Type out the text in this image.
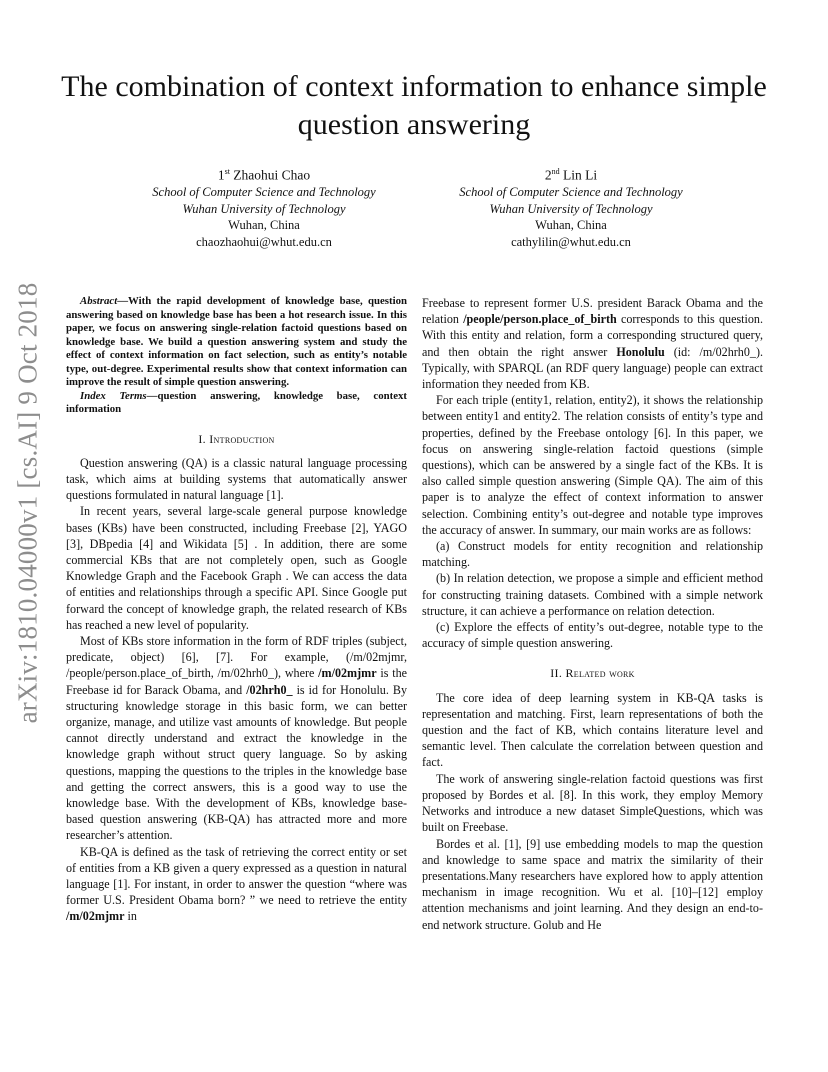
arXiv:1810.04000v1 [cs.AI] 9 Oct 2018
The combination of context information to enhance simple question answering
1st Zhaohui Chao
School of Computer Science and Technology
Wuhan University of Technology
Wuhan, China
chaozhaohui@whut.edu.cn
2nd Lin Li
School of Computer Science and Technology
Wuhan University of Technology
Wuhan, China
cathylilin@whut.edu.cn

Abstract—With the rapid development of knowledge base, question answering based on knowledge base has been a hot research issue. In this paper, we focus on answering single-relation factoid questions based on knowledge base. We build a question answering system and study the effect of context information on fact selection, such as entity’s notable type, out-degree. Experimental results show that context information can improve the result of simple question answering.

Index Terms—question answering, knowledge base, context information

I. Introduction

Question answering (QA) is a classic natural language processing task, which aims at building systems that automatically answer questions formulated in natural language [1].

In recent years, several large-scale general purpose knowledge bases (KBs) have been constructed, including Freebase [2], YAGO [3], DBpedia [4] and Wikidata [5] . In addition, there are some commercial KBs that are not completely open, such as Google Knowledge Graph and the Facebook Graph . We can access the data of entities and relationships through a specific API. Since Google put forward the concept of knowledge graph, the related research of KBs has reached a new level of popularity.

Most of KBs store information in the form of RDF triples (subject, predicate, object) [6], [7]. For example, (/m/02mjmr, /people/person.place_of_birth, /m/02hrh0_), where /m/02mjmr is the Freebase id for Barack Obama, and /02hrh0_ is id for Honolulu. By structuring knowledge storage in this basic form, we can better organize, manage, and utilize vast amounts of knowledge. But people cannot directly understand and extract the knowledge in the knowledge graph without struct query language. So by asking questions, mapping the questions to the triples in the knowledge base and getting the correct answers, this is a good way to use the knowledge base. With the development of KBs, knowledge base-based question answering (KB-QA) has attracted more and more researcher’s attention.

KB-QA is defined as the task of retrieving the correct entity or set of entities from a KB given a query expressed as a question in natural language [1]. For instant, in order to answer the question “where was former U.S. President Obama born? ” we need to retrieve the entity /m/02mjmr in

Freebase to represent former U.S. president Barack Obama and the relation /people/person.place_of_birth corresponds to this question. With this entity and relation, form a corresponding structured query, and then obtain the right answer Honolulu (id: /m/02hrh0_). Typically, with SPARQL (an RDF query language) people can extract information they needed from KB.

For each triple (entity1, relation, entity2), it shows the relationship between entity1 and entity2. The relation consists of entity’s type and properties, defined by the Freebase ontology [6]. In this paper, we focus on answering single-relation factoid questions (simple questions), which can be answered by a single fact of the KBs. It is also called simple question answering (Simple QA). The aim of this paper is to analyze the effect of context information to answer selection. Combining entity’s out-degree and notable type improves the accuracy of answer. In summary, our main works are as follows:

(a) Construct models for entity recognition and relationship matching.

(b) In relation detection, we propose a simple and efficient method for constructing training datasets. Combined with a simple network structure, it can achieve a performance on relation detection.

(c) Explore the effects of entity’s out-degree, notable type to the accuracy of simple question answering.

II. Related work

The core idea of deep learning system in KB-QA tasks is representation and matching. First, learn representations of both the question and the fact of KB, which contains literature level and semantic level. Then calculate the correlation between question and fact.

The work of answering single-relation factoid questions was first proposed by Bordes et al. [8]. In this work, they employ Memory Networks and introduce a new dataset SimpleQuestions, which was built on Freebase.

Bordes et al. [1], [9] use embedding models to map the question and knowledge to same space and matrix the similarity of their presentations.Many researchers have explored how to apply attention mechanism in image recognition. Wu et al. [10]–[12] employ attention mechanisms and joint learning. And they design an end-to-end network structure. Golub and He
